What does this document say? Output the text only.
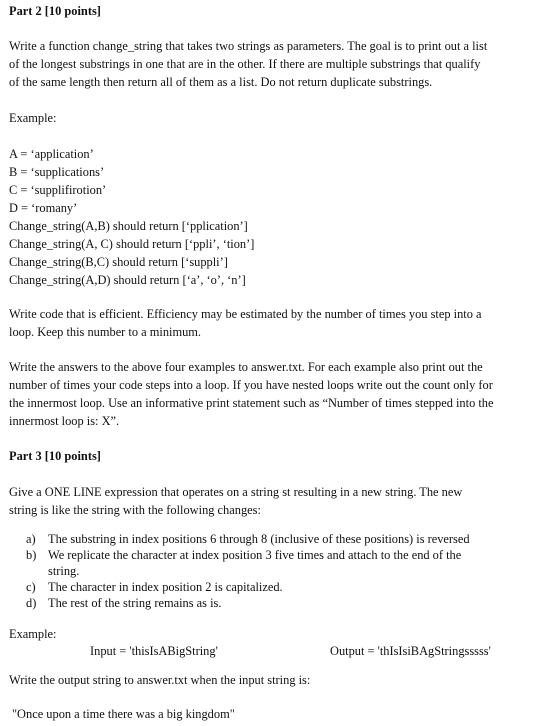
Part 2 [10 points]
Write a function change_string that takes two strings as parameters. The goal is to print out a list
of the longest substrings in one that are in the other. If there are multiple substrings that qualify
of the same length then return all of them as a list. Do not return duplicate substrings.
Example:
A = ‘application’
B = ‘supplications’
C = ‘supplifirotion’
D = ‘romany’
Change_string(A,B) should return [‘pplication’]
Change_string(A, C) should return [‘ppli’, ‘tion’]
Change_string(B,C) should return [‘suppli’]
Change_string(A,D) should return [‘a’, ‘o’, ‘n’]
Write code that is efficient. Efficiency may be estimated by the number of times you step into a
loop. Keep this number to a minimum.
Write the answers to the above four examples to answer.txt. For each example also print out the
number of times your code steps into a loop. If you have nested loops write out the count only for
the innermost loop. Use an informative print statement such as “Number of times stepped into the
innermost loop is: X”.
Part 3 [10 points]
Give a ONE LINE expression that operates on a string st resulting in a new string. The new
string is like the string with the following changes:
a) The substring in index positions 6 through 8 (inclusive of these positions) is reversed
b) We replicate the character at index position 3 five times and attach to the end of the
string.
c) The character in index position 2 is capitalized.
d) The rest of the string remains as is.
Example:
Input = 'thisIsABigString'	Output = 'thIsIsiBAgStringsssss'
Write the output string to answer.txt when the input string is:
"Once upon a time there was a big kingdom"
